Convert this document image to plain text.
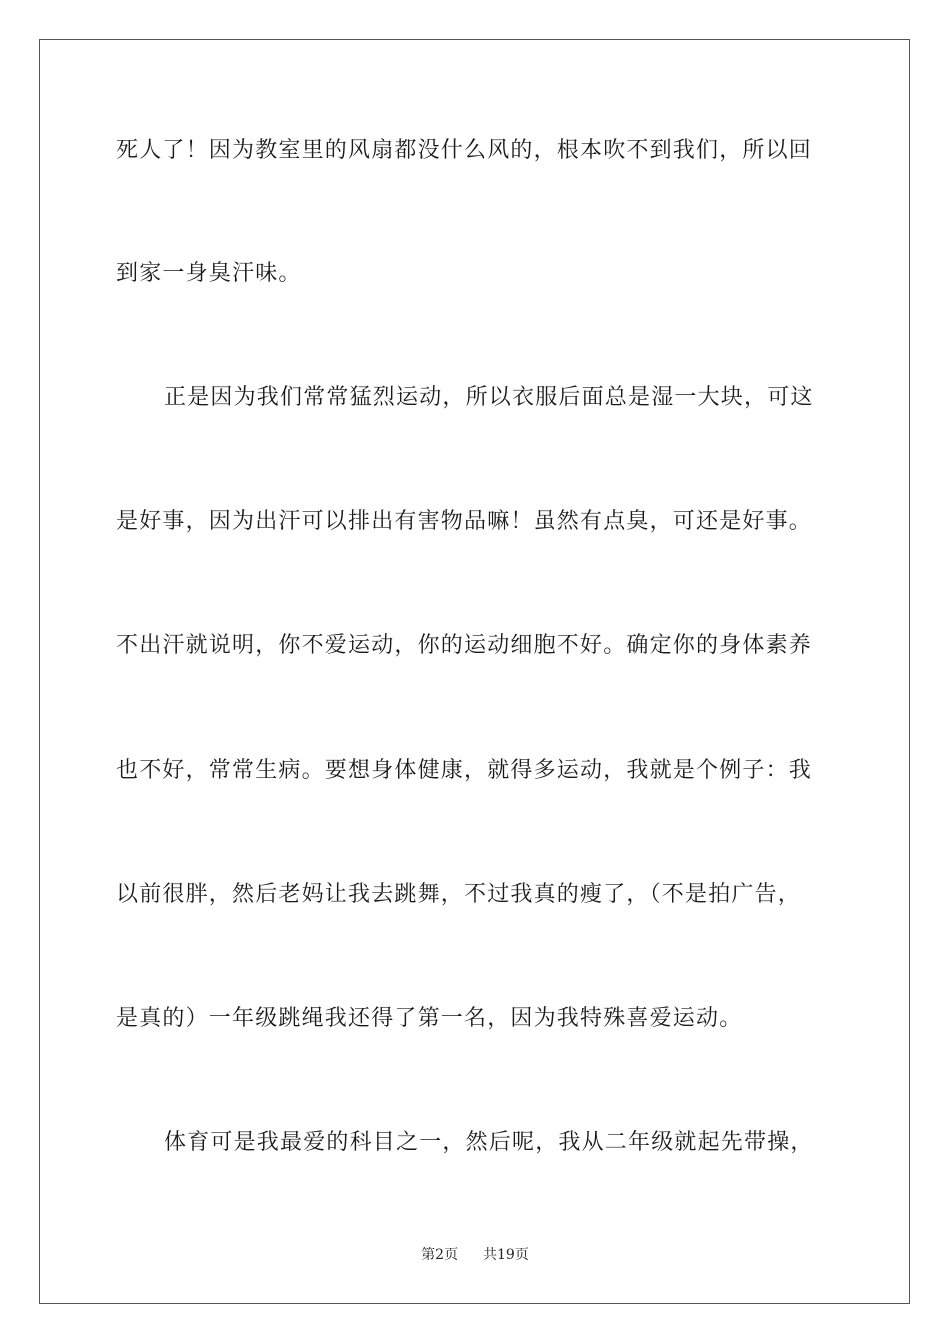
死人了！因为教室里的风扇都没什么风的，根本吹不到我们，所以回
到家一身臭汗味。
正是因为我们常常猛烈运动，所以衣服后面总是湿一大块，可这
是好事，因为出汗可以排出有害物品嘛！虽然有点臭，可还是好事。
不出汗就说明，你不爱运动，你的运动细胞不好。确定你的身体素养
也不好，常常生病。要想身体健康，就得多运动，我就是个例子：我
以前很胖，然后老妈让我去跳舞，不过我真的瘦了，（不是拍广告，
是真的）一年级跳绳我还得了第一名，因为我特殊喜爱运动。
体育可是我最爱的科目之一，然后呢，我从二年级就起先带操，
第2页 共19页
